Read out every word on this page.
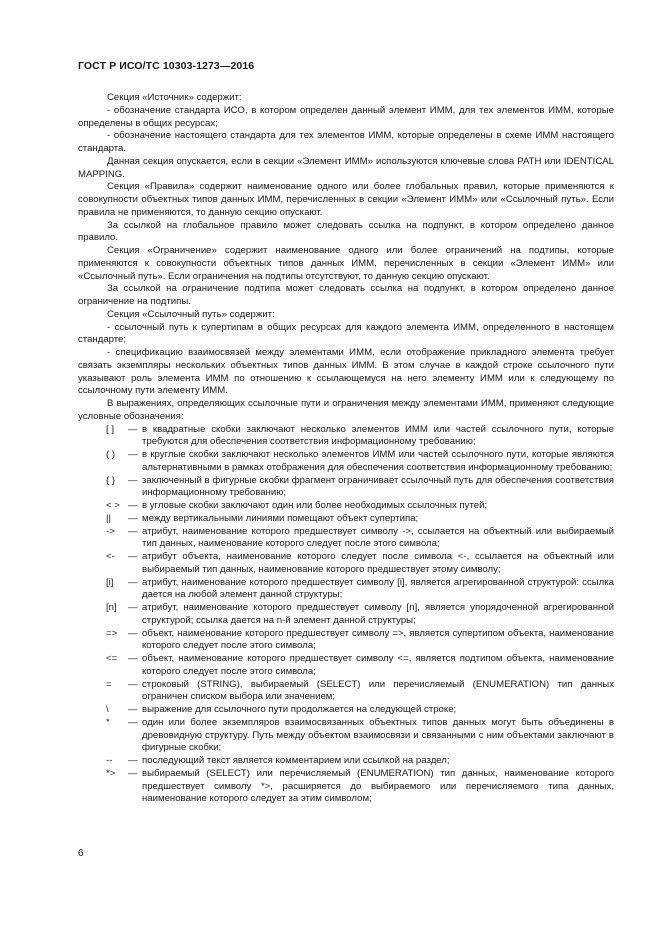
ГОСТ Р ИСО/ТС 10303-1273—2016

Секция «Источник» содержит:

- обозначение стандарта ИСО, в котором определен данный элемент ИММ, для тех элементов ИММ, которые определены в общих ресурсах;

- обозначение настоящего стандарта для тех элементов ИММ, которые определены в схеме ИММ настоящего стандарта.

Данная секция опускается, если в секции «Элемент ИММ» используются ключевые слова PATH или IDENTICAL MAPPING.

Секция «Правила» содержит наименование одного или более глобальных правил, которые применяются к совокупности объектных типов данных ИММ, перечисленных в секции «Элемент ИММ» или «Ссылочный путь». Если правила не применяются, то данную секцию опускают.

За ссылкой на глобальное правило может следовать ссылка на подпункт, в котором определено данное правило.

Секция «Ограничение» содержит наименование одного или более ограничений на подтипы, которые применяются к совокупности объектных типов данных ИММ, перечисленных в секции «Элемент ИММ» или «Ссылочный путь». Если ограничения на подтипы отсутствуют, то данную секцию опускают.

За ссылкой на ограничение подтипа может следовать ссылка на подпункт, в котором определено данное ограничение на подтипы.

Секция «Ссылочный путь» содержит:

- ссылочный путь к супертипам в общих ресурсах для каждого элемента ИММ, определенного в настоящем стандарте;

- спецификацию взаимосвязей между элементами ИММ, если отображение прикладного элемента требует связать экземпляры нескольких объектных типов данных ИММ. В этом случае в каждой строке ссылочного пути указывают роль элемента ИММ по отношению к ссылающемуся на него элементу ИММ или к следующему по ссылочному пути элементу ИММ.

В выражениях, определяющих ссылочные пути и ограничения между элементами ИММ, применяют следующие условные обозначения:

[ ]	— в квадратные скобки заключают несколько элементов ИММ или частей ссылочного пути, которые требуются для обеспечения соответствия информационному требованию;
( )	— в круглые скобки заключают несколько элементов ИММ или частей ссылочного пути, которые являются альтернативными в рамках отображения для обеспечения соответствия информационному требованию;
{ }	— заключенный в фигурные скобки фрагмент ограничивает ссылочный путь для обеспечения соответствия информационному требованию;
< > — в угловые скобки заключают один или более необходимых ссылочных путей;
||	— между вертикальными линиями помещают объект супертипа;
->	— атрибут, наименование которого предшествует символу ->, ссылается на объектный или выбираемый тип данных, наименование которого следует после этого символа;
<-	— атрибут объекта, наименование которого следует после символа <-, ссылается на объектный или выбираемый тип данных, наименование которого предшествует этому символу;
[i]	— атрибут, наименование которого предшествует символу [i], является агрегированной структурой: ссылка дается на любой элемент данной структуры;
[n]	— атрибут, наименование которого предшествует символу [n], является упорядоченной агрегированной структурой; ссылка дается на n-й элемент данной структуры;
=>	— объект, наименование которого предшествует символу =>, является супертипом объекта, наименование которого следует после этого символа;
<=	— объект, наименование которого предшествует символу <=, является подтипом объекта, наименование которого следует после этого символа;
=	— строковый (STRING), выбираемый (SELECT) или перечисляемый (ENUMERATION) тип данных ограничен списком выбора или значением;
\	— выражение для ссылочного пути продолжается на следующей строке;
*	— один или более экземпляров взаимосвязанных объектных типов данных могут быть объединены в древовидную структуру. Путь между объектом взаимосвязи и связанными с ним объектами заключают в фигурные скобки;
--	— последующий текст является комментарием или ссылкой на раздел;
*>	— выбираемый (SELECT) или перечисляемый (ENUMERATION) тип данных, наименование которого предшествует символу *>, расширяется до выбираемого или перечисляемого типа данных, наименование которого следует за этим символом;
6
